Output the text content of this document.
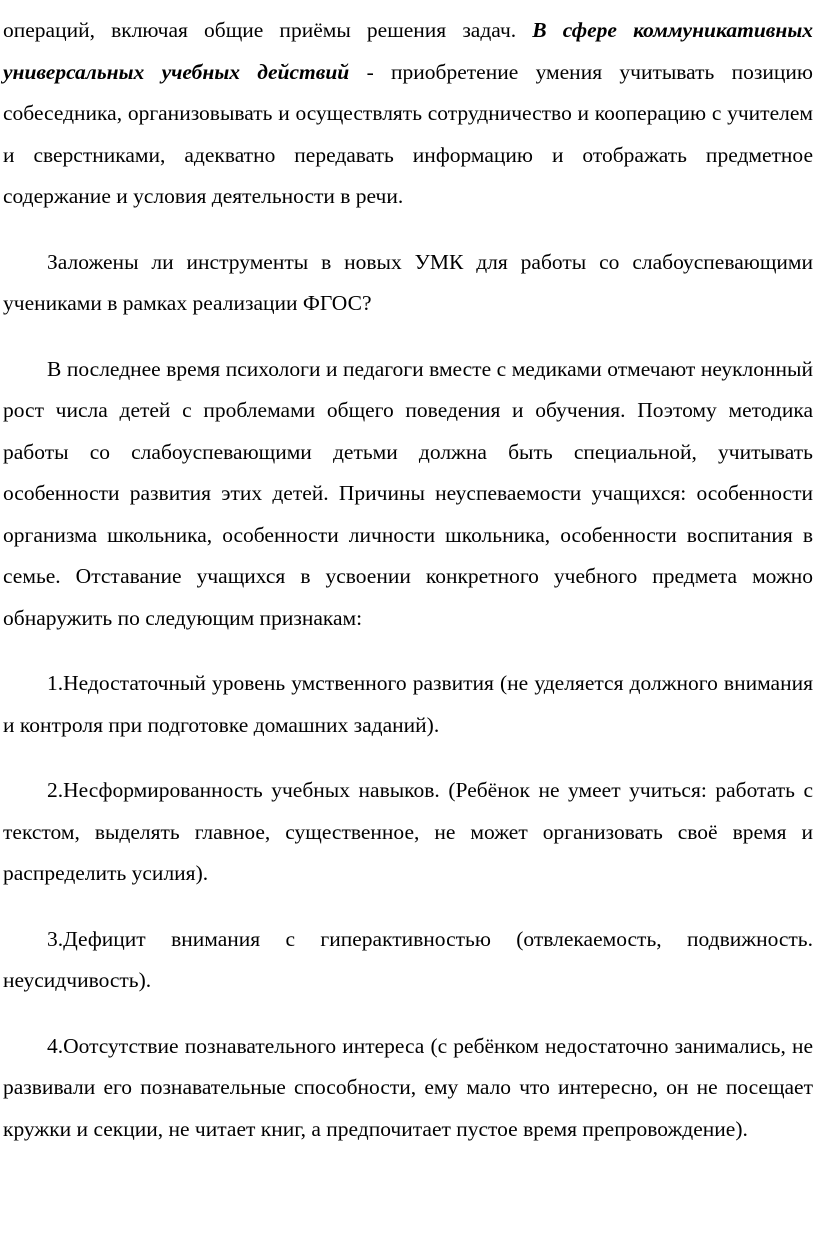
операций, включая общие приёмы решения задач. В сфере коммуникативных универсальных учебных действий - приобретение умения учитывать позицию собеседника, организовывать и осуществлять сотрудничество и кооперацию с учителем и сверстниками, адекватно передавать информацию и отображать предметное содержание и условия деятельности в речи.

Заложены ли инструменты в новых УМК для работы со слабоуспевающими учениками в рамках реализации ФГОС?

В последнее время психологи и педагоги вместе с медиками отмечают неуклонный рост числа детей с проблемами общего поведения и обучения. Поэтому методика работы со слабоуспевающими детьми должна быть специальной, учитывать особенности развития этих детей. Причины неуспеваемости учащихся: особенности организма школьника, особенности личности школьника, особенности воспитания в семье. Отставание учащихся в усвоении конкретного учебного предмета можно обнаружить по следующим признакам:

1.Недостаточный уровень умственного развития (не уделяется должного внимания и контроля при подготовке домашних заданий).

2.Несформированность учебных навыков. (Ребёнок не умеет учиться: работать с текстом, выделять главное, существенное, не может организовать своё время и распределить усилия).

3.Дефицит внимания с гиперактивностью (отвлекаемость, подвижность. неусидчивость).

4.Оотсутствие познавательного интереса (с ребёнком недостаточно занимались, не развивали его познавательные способности, ему мало что интересно, он не посещает кружки и секции, не читает книг, а предпочитает пустое время препровождение).
